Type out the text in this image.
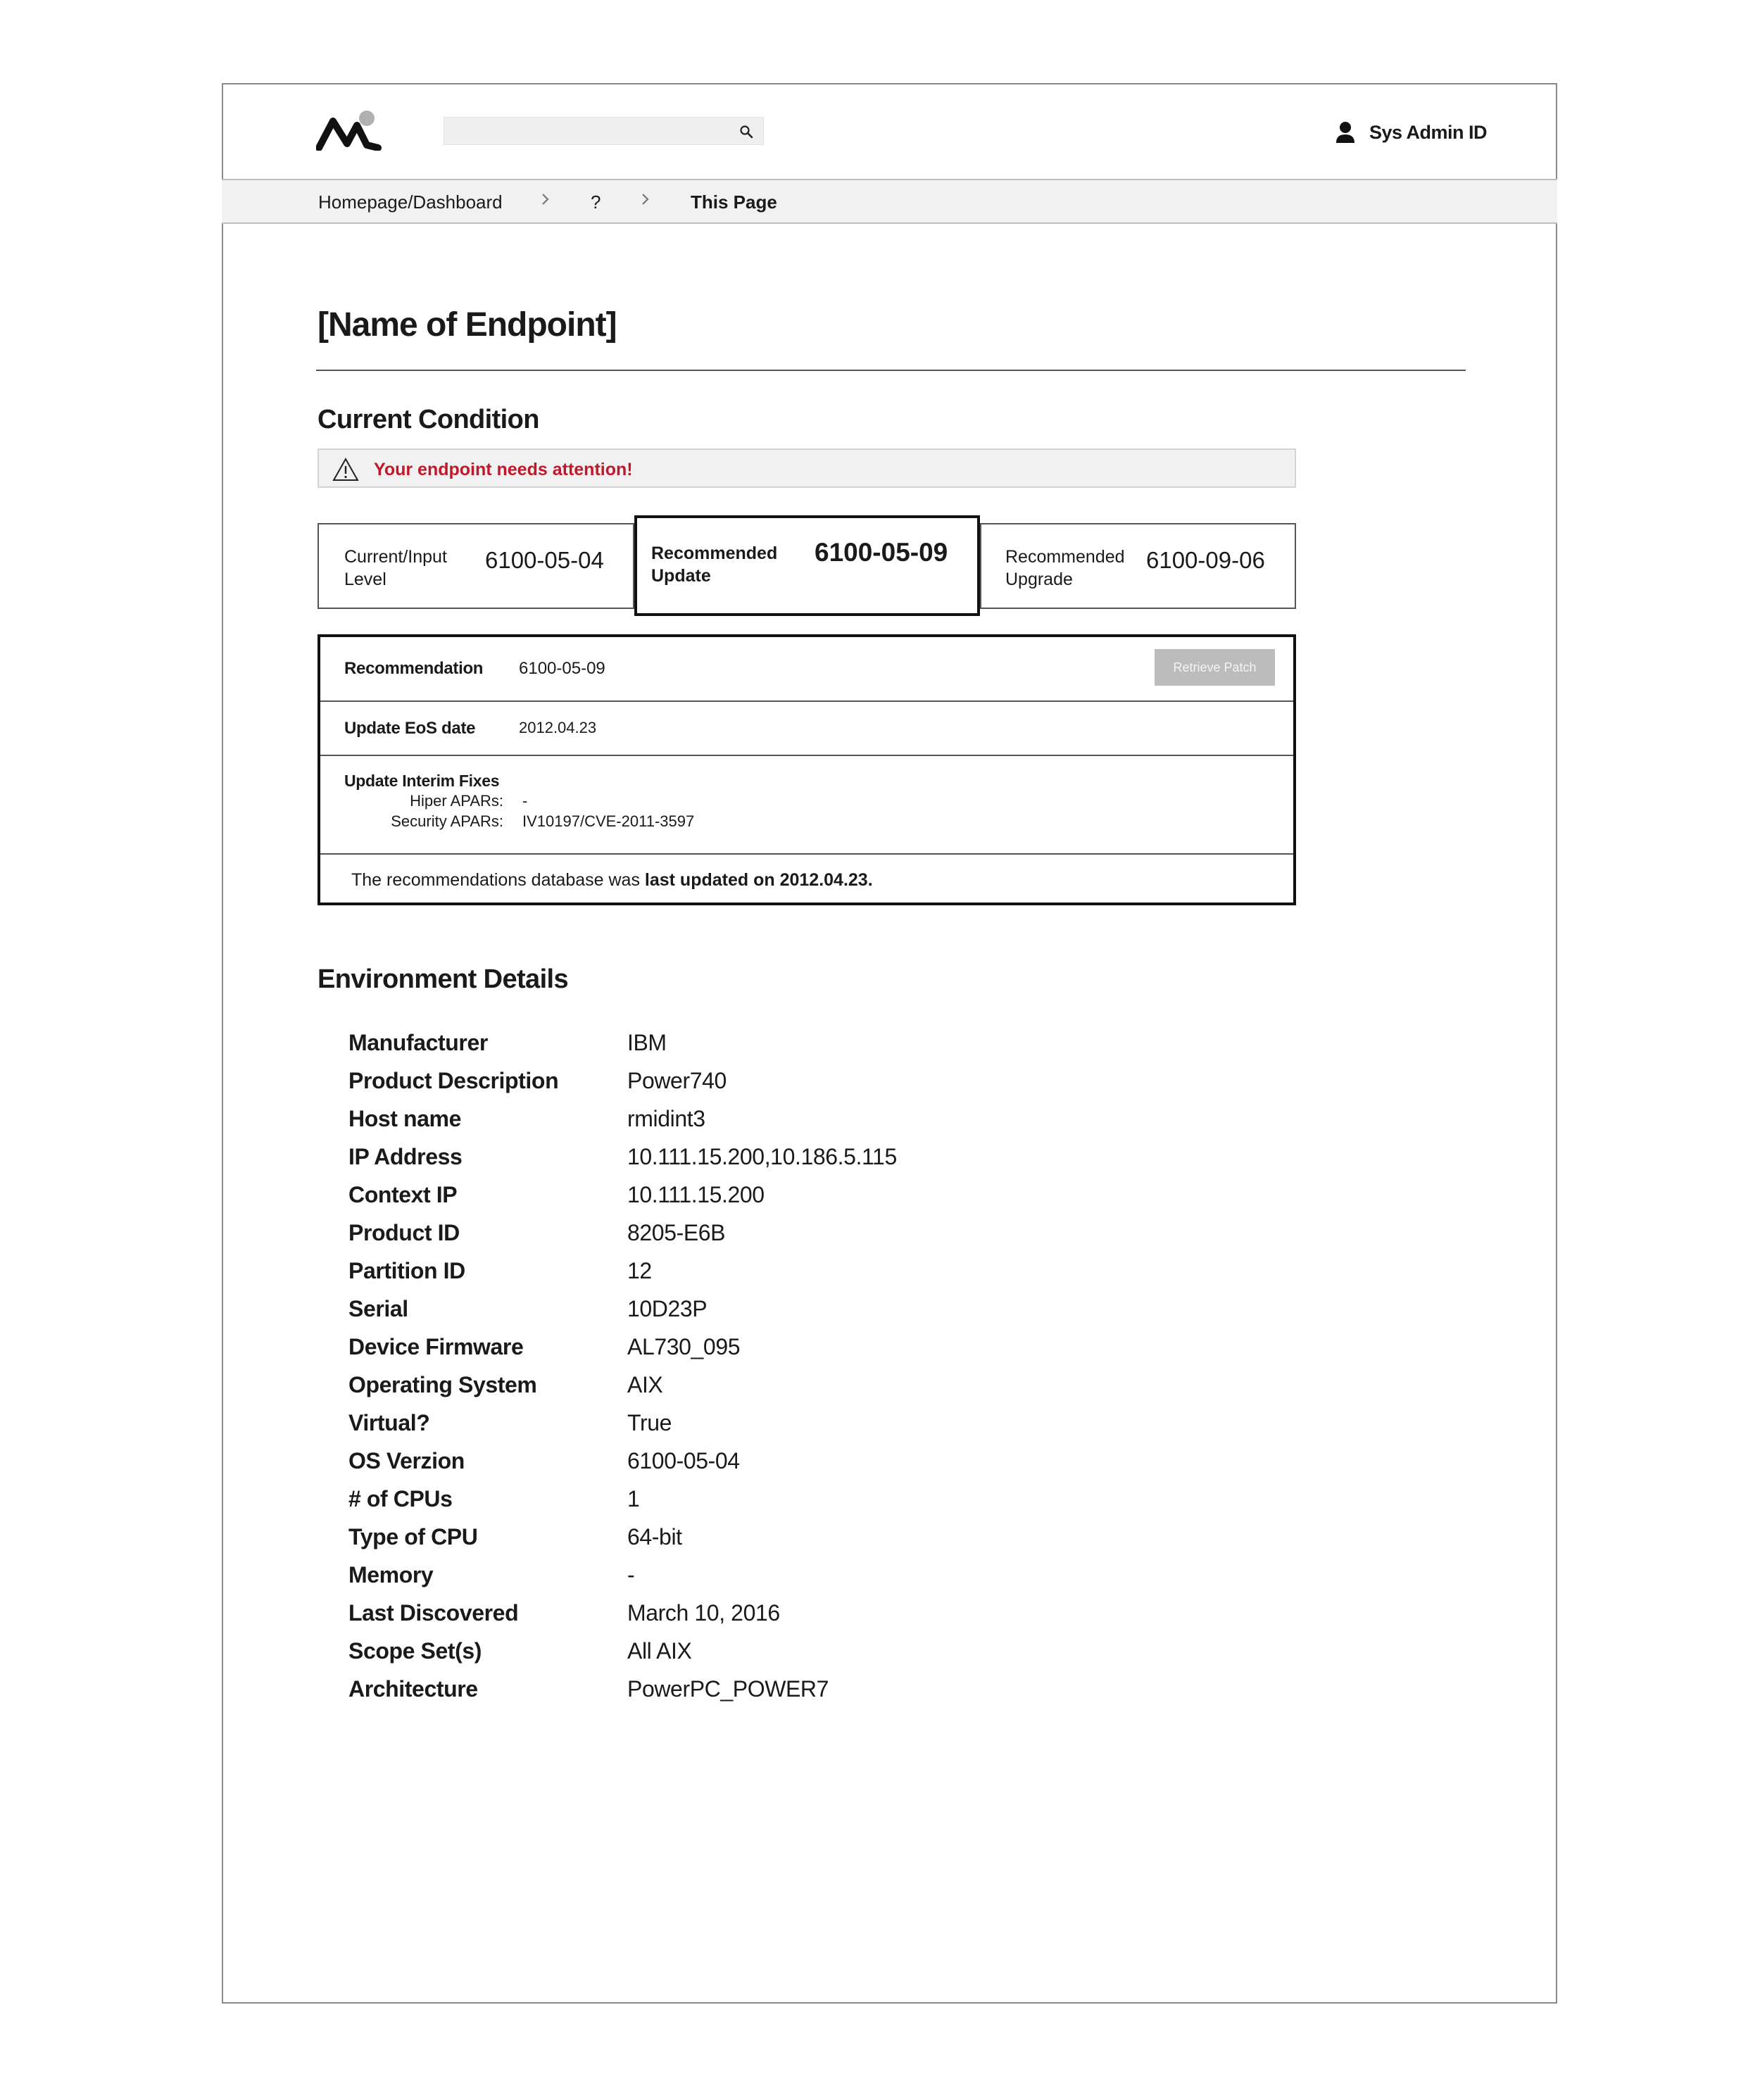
Sys Admin ID
Homepage/Dashboard	?	This Page
[Name of Endpoint]
Current Condition
Your endpoint needs attention!
Current/Input
Level
6100-05-04	Recommended
Upgrade
6100-09-06
Recommended
Update
6100-05-09
Recommendation 6100-05-09	Retrieve Patch
Update EoS date	2012.04.23
Update Interim Fixes
Hiper APARs: -
Security APARs: IV10197/CVE-2011-3597
The recommendations database was last updated on 2012.04.23.
Environment Details
Manufacturer	IBM
Product Description	Power740
Host name	rmidint3
IP Address	10.111.15.200,10.186.5.115
Context IP	10.111.15.200
Product ID	8205-E6B
Partition ID	12
Serial	10D23P
Device Firmware	AL730_095
Operating System	AIX
Virtual?	True
OS Verzion	6100-05-04
# of CPUs	1
Type of CPU	64-bit
Memory	-
Last Discovered	March 10, 2016
Scope Set(s)	All AIX
Architecture	PowerPC_POWER7
